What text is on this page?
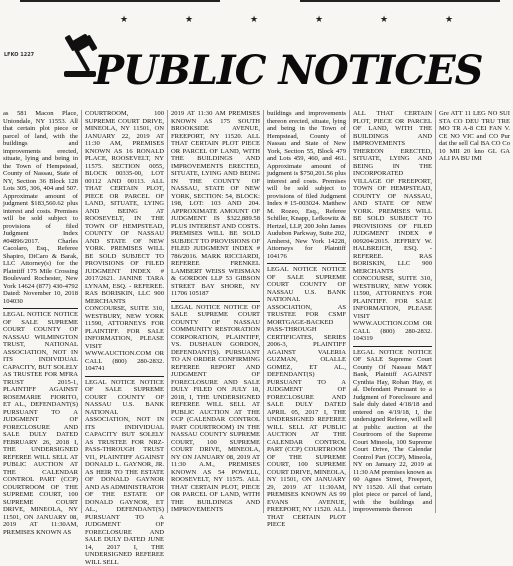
★	★	★	★	★	★
LFKO 1227 PUBLIC NOTICES

as 581 Macon Place, Uniondale, NY 11553. All that certain plot piece or parcel of land, with the buildings and improvements erected, situate, lying and being in the Town of Hempstead, County of Nassau, State of NY, Section 36 Block 128 Lots 305, 306, 404 and 507. Approximate amount of judgment $183,560.62 plus interest and costs. Premises will be sold subject to provisions of filed Judgment Index #04896/2017. Charles Cacolaro, Esq., Referee Shapiro, DiCaro & Barak, LLC Attorney(s) for the Plaintiff 175 Mile Crossing Boulevard Rochester, New York 14624 (877) 430-4792 Dated: November 10, 2018 104030

LEGAL NOTICE NOTICE OF SALE SUPREME COURT COUNTY OF NASSAU WILMINGTON TRUST, NATIONAL ASSOCIATION, NOT IN ITS INDIVIDUAL CAPACITY, BUT SOLELY AS TRUSTEE FOR MFRA TRUST 2015-1, PLAINTIFF AGAINST ROSEMARIE FIORITO, ET AL., DEFENDANT(S) PURSUANT TO A JUDGMENT OF FORECLOSURE AND SALE DULY DATED FEBRUARY 26, 2018 I, THE UNDERSIGNED REFEREE WILL SELL AT PUBLIC AUCTION AT THE CALENDAR CONTROL PART (CCP) COURTROOM OF THE SUPREME COURT, 100 SUPREME COURT DRIVE, MINEOLA, NY 11501, ON JANUARY 08, 2019 AT 11:30AM, PREMISES KNOWN AS

COURTROOM, 100 SUPREME COURT DRIVE, MINEOLA, NY 11501, ON JANUARY 22, 2019 AT 11:30 AM, PREMISES KNOWN AS 16 RONALD PLACE, ROOSEVELT, NY 11575. SECTION 0055, BLOCK 00335-00, LOT 00112 AND 00113. ALL THAT CERTAIN PLOT, PIECE OR PARCEL OF LAND, SITUATE, LYING AND BEING AT ROOSEVELT, IN THE TOWN OF HEMPSTEAD, COUNTY OF NASSAU AND STATE OF NEW YORK. PREMISES WILL BE SOLD SUBJECT TO PROVISIONS OF FILED JUDGMENT INDEX # 2017/2621. JANINE TARA LYNAM, ESQ. - REFEREE. RAS BORISKIN, LLC 900 MERCHANTS CONCOURSE, SUITE 310, WESTBURY, NEW YORK 11590, ATTORNEYS FOR PLAINTIFF. FOR SALE INFORMATION, PLEASE VISIT WWW.AUCTION.COM OR CALL (800) 280-2832. 104741

LEGAL NOTICE NOTICE OF SALE SUPREME COURT COUNTY OF NASSAU U.S. BANK NATIONAL ASSOCIATION, NOT IN ITS INDIVIDUAL CAPACITY BUT SOLELY AS TRUSTEE FOR NRZ-PASS-THROUGH TRUST VI1, PLAINTIFF AGAINST DONALD L. GAYNOR, JR. AS HEIR TO THE ESTATE OF DONALD GAYNOR AND AS ADMINISTRATOR OF THE ESTATE OF DONALD GAYNOR, ET AL., DEFENDANT(S) PURSUANT TO A JUDGMENT OF FORECLOSURE AND SALE DULY DATED JUNE 14, 2017 I, THE UNDERSIGNED REFEREE WILL SELL

2019 AT 11:30 AM PREMISES KNOWN AS 175 SOUTH BROOKSIDE AVENUE, FREEPORT, NY 11520. ALL THAT CERTAIN PLOT PIECE OR PARCEL OF LAND, WITH THE BUILDINGS AND IMPROVEMENTS ERECTED, SITUATE, LYING AND BEING IN THE COUNTY OF NASSAU, STATE OF NEW YORK, SECTION: 54, BLOCK: 198, LOT: 103 AND 204. APPROXIMATE AMOUNT OF JUDGMENT IS $322,889.58 PLUS INTEREST AND COSTS. PREMISES WILL BE SOLD SUBJECT TO PROVISIONS OF FILED JUDGMENT INDEX # 786/2016. MARK RICCIARDI, REFEREE FRENKEL LAMBERT WEISS WEISMAN & GORDON LLP 53 GIBSON STREET BAY SHORE, NY 11706 105187

LEGAL NOTICE NOTICE OF SALE SUPREME COURT COUNTY OF NASSAU COMMUNITY RESTORATION CORPORATION, PLAINTIFF, VS. DUSHAUN GORDON, DEFENDANT(S). PURSUANT TO AN ORDER CONFIRMING REFEREE REPORT AND JUDGMENT OF FORECLOSURE AND SALE DULY FILED ON JULY 18, 2018, I, THE UNDERSIGNED REFEREE WILL SELL AT PUBLIC AUCTION AT THE CCP (CALENDAR CONTROL PART COURTROOM) IN THE NASSAU COUNTY SUPREME COURT, 100 SUPREME COURT DRIVE, MINEOLA, NY ON JANUARY 08, 2019 AT 11:30 A.M., PREMISES KNOWN AS 54 POWELL, ROOSEVELT, NY 11575. ALL THAT CERTAIN PLOT, PIECE OR PARCEL OF LAND, WITH THE BUILDINGS AND IMPROVEMENTS

buildings and improvements thereon erected, situate, lying and being in the Town of Hempstead, County of Nassau and State of New York, Section 55, Block 479 and Lots 459, 460, and 461. Approximate amount of judgment is $750,201.56 plus interest and costs. Premises will be sold subject to provisions of filed Judgment Index # 15-003024. Matthew M. Rozeo, Esq., Referee Schiller, Knapp, Lefkowitz & Hertzel, LLP, 200 John James Audubon Parkway, Suite 202, Amherst, New York 14228, Attorneys for Plaintiff 104176

LEGAL NOTICE NOTICE OF SALE SUPREME COURT COUNTY OF NASSAU U.S. BANK NATIONAL ASSOCIATION, AS TRUSTEE FOR CSMF MORTGAGE-BACKED PASS-THROUGH CERTIFICATES, SERIES 2006-3, PLAINTIFF AGAINST VALERIA GUZMAN, OLALLE GOMEZ, ET AL., DEFENDANT(S) PURSUANT TO A JUDGMENT OF FORECLOSURE AND SALE DULY DATED APRIL 05, 2017 I, THE UNDERSIGNED REFEREE WILL SELL AT PUBLIC AUCTION AT THE CALENDAR CONTROL PART (CCP) COURTROOM OF THE SUPREME COURT, 100 SUPREME COURT DRIVE, MINEOLA, NY 11501, ON JANUARY 29, 2019 AT 11:30AM, PREMISES KNOWN AS 99 EVANS AVENUE, FREEPORT, NY 11520. ALL THAT CERTAIN PLOT PIECE

ALL THAT CERTAIN PLOT, PIECE OR PARCEL OF LAND, WITH THE BUILDINGS AND IMPROVEMENTS THEREON ERECTED, SITUATE, LYING AND BEING IN THE INCORPORATED VILLAGE OF FREEPORT, TOWN OF HEMPSTEAD, COUNTY OF NASSAU, AND STATE OF NEW YORK. PREMISES WILL BE SOLD SUBJECT TO PROVISIONS OF FILED JUDGMENT INDEX # 009204/2015. JEFFREY W. HALBREICH, ESQ. - REFEREE. RAS BORISKIN, LLC 900 MERCHANTS CONCOURSE, SUITE 310, WESTBURY, NEW YORK 11590, ATTORNEYS FOR PLAINTIFF. FOR SALE INFORMATION, PLEASE VISIT WWW.AUCTION.COM OR CALL (800) 280-2832. 104319

LEGAL NOTICE NOTICE OF SALE Supreme Court County Of Nassau M&T Bank, Plaintiff AGAINST Cynthia Hay, Rohan Hay, et al. Defendant Pursuant to a Judgment of Foreclosure and Sale duly dated 4/18/18 and entered on 4/19/18, I, the undersigned Referee, will sell at public auction at the Courtroom of the Supreme Court Mineola, 100 Supreme Court Drive, The Calendar Control Part (CCP), Mineola, NY on January 22, 2019 at 11:30 AM premises known as 60 Agnes Street, Freeport, NY 11520. All that certain plot piece or parcel of land, with the buildings and improvements thereon

Gre ATT 11 LEG NO SUI STA CO DEU TRU TRE MO TR A-8 CEI FAN V. CE NO VIC and CO Pur dat the sell Cal BA CO Co 10 MII 20 kno GL GA ALI PA BU IMI
